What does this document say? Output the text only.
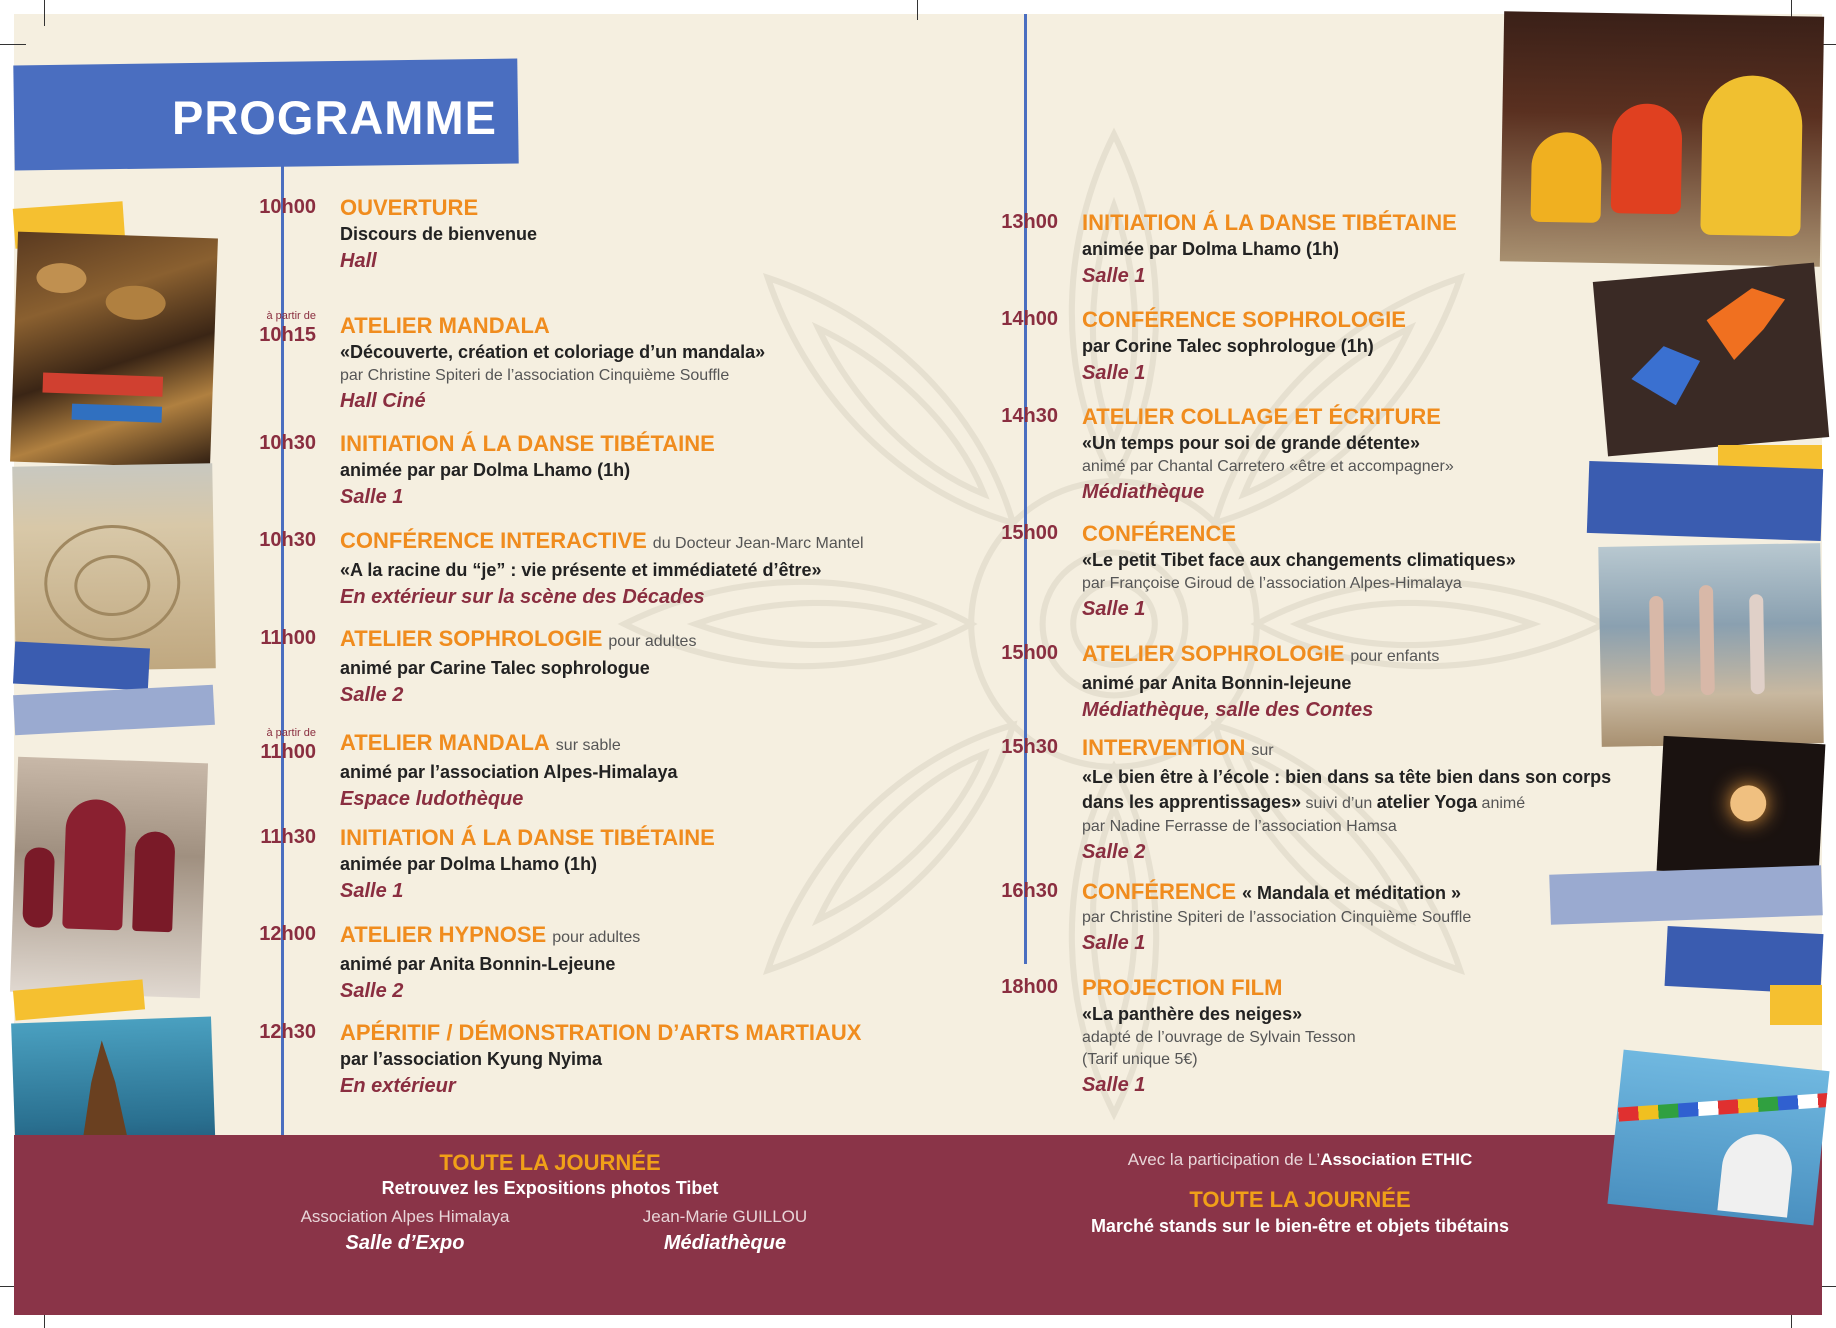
PROGRAMME
10h00 OUVERTURE
Discours de bienvenue
Hall
à partir de
10h15 ATELIER MANDALA
«Découverte, création et coloriage d’un mandala»
par Christine Spiteri de l’association Cinquième Souffle
Hall Ciné
10h30 INITIATION Á LA DANSE TIBÉTAINE
animée par par Dolma Lhamo (1h)
Salle 1
10h30 CONFÉRENCE INTERACTIVE du Docteur Jean-Marc Mantel
«A la racine du “je” : vie présente et immédiateté d’être»
En extérieur sur la scène des Décades
11h00 ATELIER SOPHROLOGIE pour adultes
animé par Carine Talec sophrologue
Salle 2
à partir de
11h00 ATELIER MANDALA sur sable
animé par l’association Alpes-Himalaya
Espace ludothèque
11h30 INITIATION Á LA DANSE TIBÉTAINE
animée par Dolma Lhamo (1h)
Salle 1
12h00 ATELIER HYPNOSE pour adultes
animé par Anita Bonnin-Lejeune
Salle 2
12h30 APÉRITIF / DÉMONSTRATION D’ARTS MARTIAUX
par l’association Kyung Nyima
En extérieur
13h00 INITIATION Á LA DANSE TIBÉTAINE
animée par Dolma Lhamo (1h)
Salle 1
14h00 CONFÉRENCE SOPHROLOGIE
par Corine Talec sophrologue (1h)
Salle 1
14h30 ATELIER COLLAGE ET ÉCRITURE
«Un temps pour soi de grande détente»
animé par Chantal Carretero «être et accompagner»
Médiathèque
15h00 CONFÉRENCE
«Le petit Tibet face aux changements climatiques»
par Françoise Giroud de l’association Alpes-Himalaya
Salle 1
15h00 ATELIER SOPHROLOGIE pour enfants
animé par Anita Bonnin-lejeune
Médiathèque, salle des Contes
15h30 INTERVENTION sur
«Le bien être à l’école : bien dans sa tête bien dans son corps
dans les apprentissages» suivi d’un atelier Yoga animé
par Nadine Ferrasse de l’association Hamsa
Salle 2
16h30 CONFÉRENCE « Mandala et méditation »
par Christine Spiteri de l’association Cinquième Souffle
Salle 1
18h00 PROJECTION FILM
«La panthère des neiges»
adapté de l’ouvrage de Sylvain Tesson
(Tarif unique 5€)
Salle 1
TOUTE LA JOURNÉE
Retrouvez les Expositions photos Tibet
Association Alpes Himalaya
Salle d’Expo
Jean-Marie GUILLOU
Médiathèque
Avec la participation de L’Association ETHIC
TOUTE LA JOURNÉE
Marché stands sur le bien-être et objets tibétains
